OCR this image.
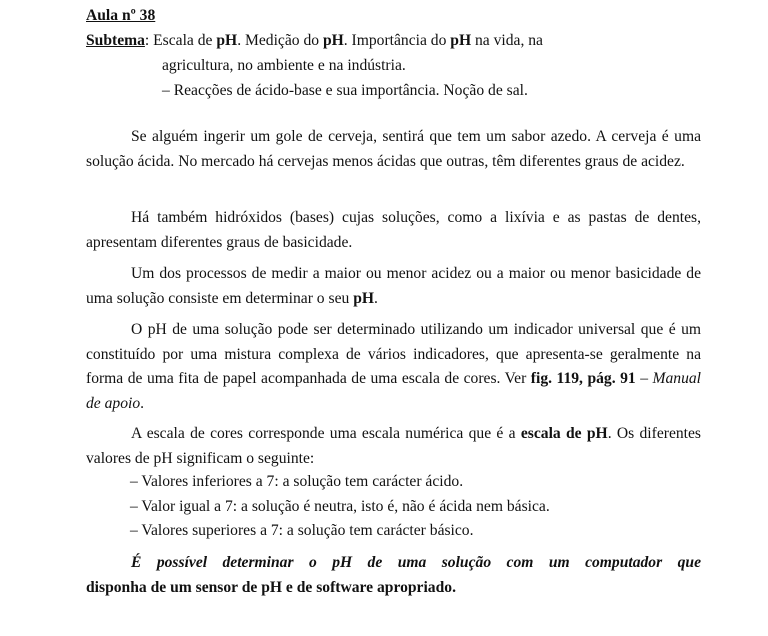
Aula nº 38
Subtema: Escala de pH. Medição do pH. Importância do pH na vida, na
agricultura, no ambiente e na indústria.
– Reacções de ácido-base e sua importância. Noção de sal.

Se alguém ingerir um gole de cerveja, sentirá que tem um sabor azedo. A cerveja é uma solução ácida. No mercado há cervejas menos ácidas que outras, têm diferentes graus de acidez.

Há também hidróxidos (bases) cujas soluções, como a lixívia e as pastas de dentes, apresentam diferentes graus de basicidade.

Um dos processos de medir a maior ou menor acidez ou a maior ou menor basicidade de uma solução consiste em determinar o seu pH.

O pH de uma solução pode ser determinado utilizando um indicador universal que é um constituído por uma mistura complexa de vários indicadores, que apresenta-se geralmente na forma de uma fita de papel acompanhada de uma escala de cores. Ver fig. 119, pág. 91 – Manual de apoio.

A escala de cores corresponde uma escala numérica que é a escala de pH. Os diferentes valores de pH significam o seguinte:

– Valores inferiores a 7: a solução tem carácter ácido.
– Valor igual a 7: a solução é neutra, isto é, não é ácida nem básica.
– Valores superiores a 7: a solução tem carácter básico.
É possível determinar o pH de uma solução com um computador que
disponha de um sensor de pH e de software apropriado.
